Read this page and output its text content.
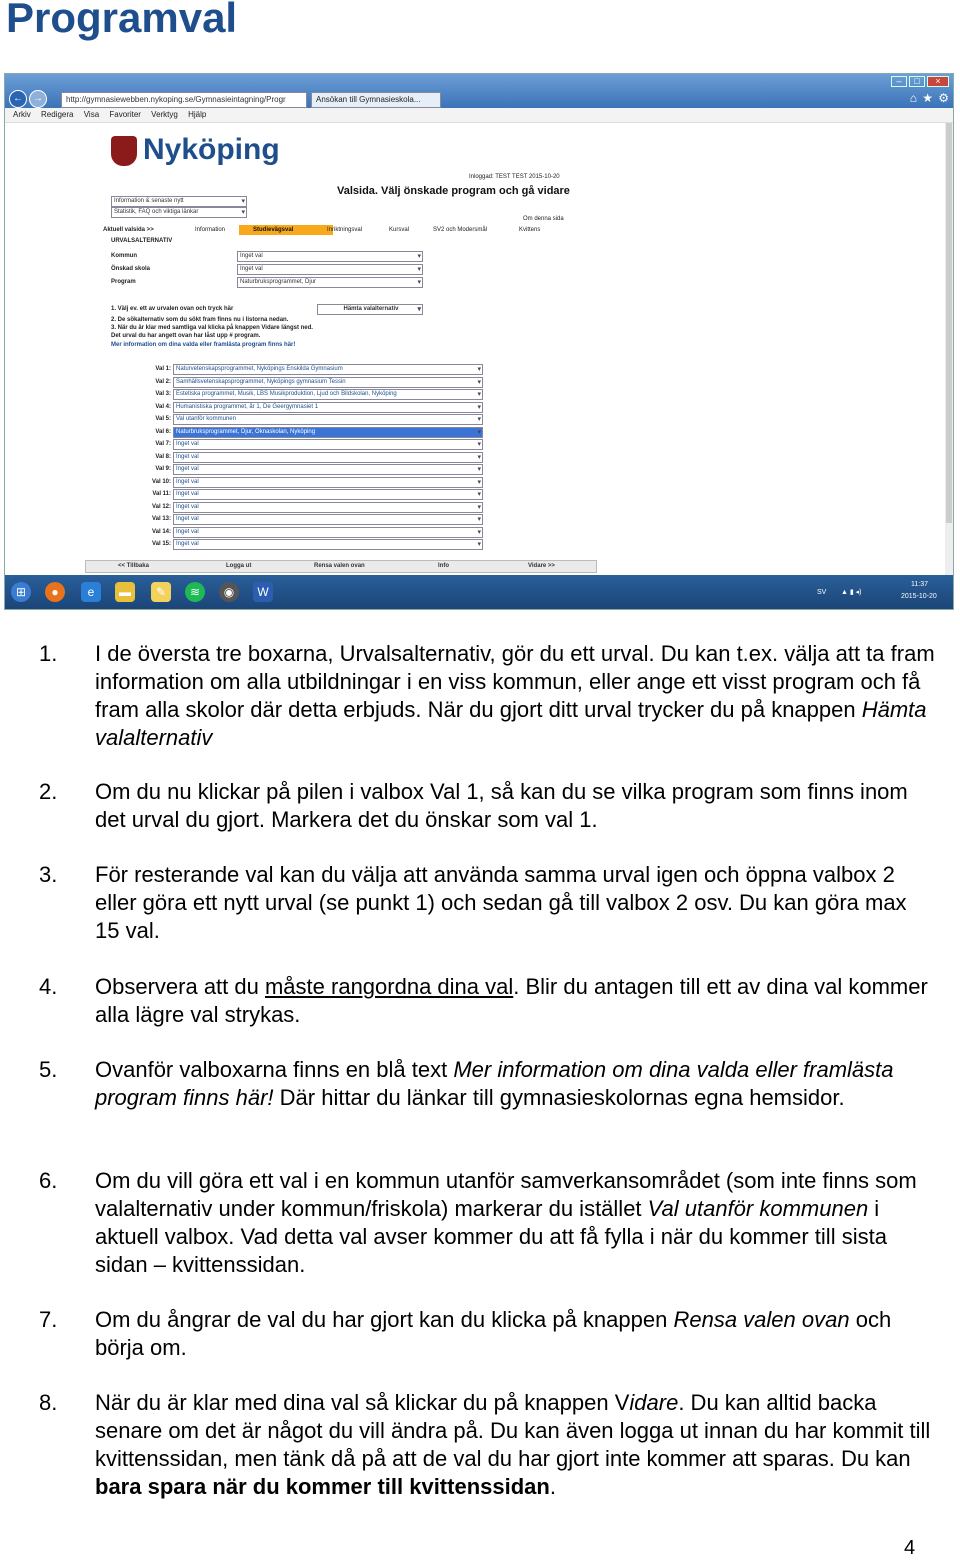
Programval
–	□	×
←	→	http://gymnasiewebben.nykoping.se/Gymnasieintagning/Progr	Ansökan till Gymnasieskola...	⌂ ★ ⚙
Arkiv Redigera Visa Favoriter Verktyg Hjälp
Nyköping
Information & senaste nytt ▾
Statistik, FAQ och viktiga länkar ▾
Inloggad: TEST TEST 2015-10-20
Valsida. Välj önskade program och gå vidare
Om denna sida
Aktuell valsida >>	Information	Studievägsval	Inriktningsval	Kursval	SV2 och Modersmål	Kvittens
URVALSALTERNATIV
Kommun	Inget val ▾
Önskad skola	Inget val ▾
Program	Naturbruksprogrammet, Djur ▾
1. Välj ev. ett av urvalen ovan och tryck här	Hämta valalternativ ▾
2. De sökalternativ som du sökt fram finns nu i listorna nedan.
3. När du är klar med samtliga val klicka på knappen Vidare längst ned.
Det urval du har angett ovan har låst upp # program.
Mer information om dina valda eller framlästa program finns här!
Val 1: Naturvetenskapsprogrammet, Nyköpings Enskilda Gymnasium ▾
Val 2: Samhällsvetenskapsprogrammet, Nyköpings gymnasium Tessin ▾
Val 3: Estetiska programmet, Musik, LBS Musikproduktion, Ljud och Bildskolan, Nyköping ▾
Val 4: Humanistiska programmet, år 1, De Geergymnasiet 1 ▾
Val 5: Val utanför kommunen ▾
Val 6: Naturbruksprogrammet, Djur, Öknaskolan, Nyköping ▾
Val 7: Inget val ▾
Val 8: Inget val ▾
Val 9: Inget val ▾
Val 10: Inget val ▾
Val 11: Inget val ▾
Val 12: Inget val ▾
Val 13: Inget val ▾
Val 14: Inget val ▾
Val 15: Inget val ▾
<< Tillbaka	Logga ut	Rensa valen ovan	Info	Vidare >>
⊞	●	e	▬	✎	≋	◉	W	SV ▲ ▮ ◂)
11:37
2015-10-20
1. I de översta tre boxarna, Urvalsalternativ, gör du ett urval. Du kan t.ex. välja att ta fram information om alla utbildningar i en viss kommun, eller ange ett visst program och få fram alla skolor där detta erbjuds. När du gjort ditt urval trycker du på knappen Hämta valalternativ
2. Om du nu klickar på pilen i valbox Val 1, så kan du se vilka program som finns inom det urval du gjort. Markera det du önskar som val 1.
3. För resterande val kan du välja att använda samma urval igen och öppna valbox 2 eller göra ett nytt urval (se punkt 1) och sedan gå till valbox 2 osv. Du kan göra max 15 val.
4. Observera att du måste rangordna dina val. Blir du antagen till ett av dina val kommer alla lägre val strykas.
5. Ovanför valboxarna finns en blå text Mer information om dina valda eller framlästa program finns här! Där hittar du länkar till gymnasieskolornas egna hemsidor.
6. Om du vill göra ett val i en kommun utanför samverkansområdet (som inte finns som valalternativ under kommun/friskola) markerar du istället Val utanför kommunen i aktuell valbox. Vad detta val avser kommer du att få fylla i när du kommer till sista sidan – kvittenssidan.
7. Om du ångrar de val du har gjort kan du klicka på knappen Rensa valen ovan och börja om.
8. När du är klar med dina val så klickar du på knappen Vidare. Du kan alltid backa senare om det är något du vill ändra på. Du kan även logga ut innan du har kommit till kvittenssidan, men tänk då på att de val du har gjort inte kommer att sparas. Du kan bara spara när du kommer till kvittenssidan.
4
